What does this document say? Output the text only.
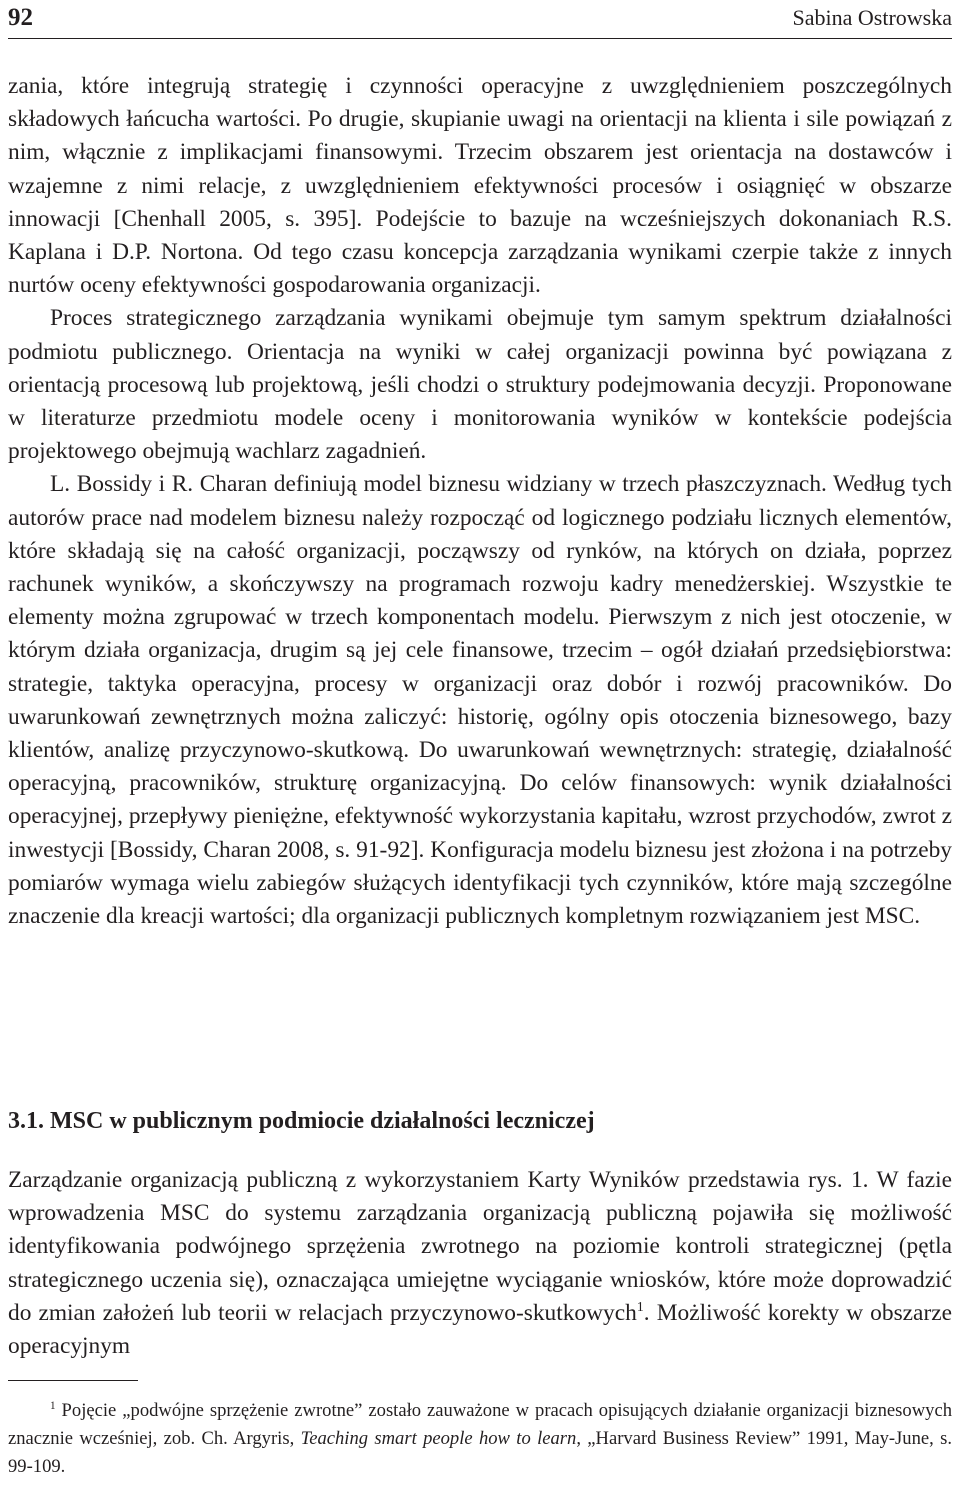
92	Sabina Ostrowska

zania, które integrują strategię i czynności operacyjne z uwzględnieniem poszczególnych składowych łańcucha wartości. Po drugie, skupianie uwagi na orientacji na klienta i sile powiązań z nim, włącznie z implikacjami finansowymi. Trzecim obszarem jest orientacja na dostawców i wzajemne z nimi relacje, z uwzględnieniem efektywności procesów i osiągnięć w obszarze innowacji [Chenhall 2005, s. 395]. Podejście to bazuje na wcześniejszych dokonaniach R.S. Kaplana i D.P. Nortona. Od tego czasu koncepcja zarządzania wynikami czerpie także z innych nurtów oceny efektywności gospodarowania organizacji.

Proces strategicznego zarządzania wynikami obejmuje tym samym spektrum działalności podmiotu publicznego. Orientacja na wyniki w całej organizacji powinna być powiązana z orientacją procesową lub projektową, jeśli chodzi o struktury podejmowania decyzji. Proponowane w literaturze przedmiotu modele oceny i monitorowania wyników w kontekście podejścia projektowego obejmują wachlarz zagadnień.

L. Bossidy i R. Charan definiują model biznesu widziany w trzech płaszczyznach. Według tych autorów prace nad modelem biznesu należy rozpocząć od logicznego podziału licznych elementów, które składają się na całość organizacji, począwszy od rynków, na których on działa, poprzez rachunek wyników, a skończywszy na programach rozwoju kadry menedżerskiej. Wszystkie te elementy można zgrupować w trzech komponentach modelu. Pierwszym z nich jest otoczenie, w którym działa organizacja, drugim są jej cele finansowe, trzecim – ogół działań przedsiębiorstwa: strategie, taktyka operacyjna, procesy w organizacji oraz dobór i rozwój pracowników. Do uwarunkowań zewnętrznych można zaliczyć: historię, ogólny opis otoczenia biznesowego, bazy klientów, analizę przyczynowo-skutkową. Do uwarunkowań wewnętrznych: strategię, działalność operacyjną, pracowników, strukturę organizacyjną. Do celów finansowych: wynik działalności operacyjnej, przepływy pieniężne, efektywność wykorzystania kapitału, wzrost przychodów, zwrot z inwestycji [Bossidy, Charan 2008, s. 91-92]. Konfiguracja modelu biznesu jest złożona i na potrzeby pomiarów wymaga wielu zabiegów służących identyfikacji tych czynników, które mają szczególne znaczenie dla kreacji wartości; dla organizacji publicznych kompletnym rozwiązaniem jest MSC.

3.1. MSC w publicznym podmiocie działalności leczniczej

Zarządzanie organizacją publiczną z wykorzystaniem Karty Wyników przedstawia rys. 1. W fazie wprowadzenia MSC do systemu zarządzania organizacją publiczną pojawiła się możliwość identyfikowania podwójnego sprzężenia zwrotnego na poziomie kontroli strategicznej (pętla strategicznego uczenia się), oznaczająca umiejętne wyciąganie wniosków, które może doprowadzić do zmian założeń lub teorii w relacjach przyczynowo-skutkowych$^1$. Możliwość korekty w obszarze operacyjnym

$^1$ Pojęcie „podwójne sprzężenie zwrotne” zostało zauważone w pracach opisujących działanie organizacji biznesowych znacznie wcześniej, zob. Ch. Argyris, Teaching smart people how to learn, „Harvard Business Review” 1991, May-June, s. 99-109.
